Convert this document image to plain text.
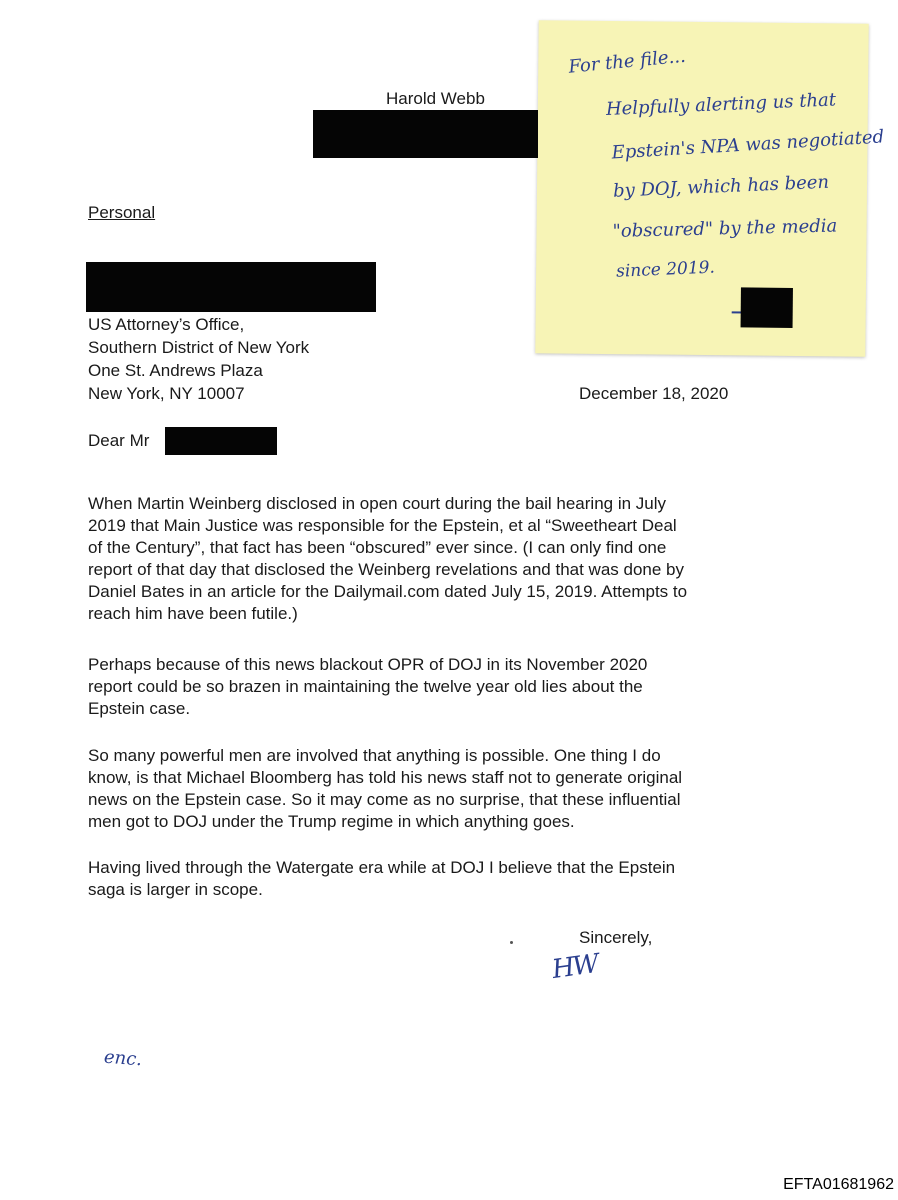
For the file...
Helpfully alerting us that
Epstein's NPA was negotiated
by DOJ, which has been
"obscured" by the media
since 2019.
Harold Webb
Personal
US Attorney’s Office,
Southern District of New York
One St. Andrews Plaza
New York, NY 10007	December 18, 2020
Dear Mr
When Martin Weinberg disclosed in open court during the bail hearing in July
2019 that Main Justice was responsible for the Epstein, et al “Sweetheart Deal
of the Century”, that fact has been “obscured” ever since. (I can only find one
report of that day that disclosed the Weinberg revelations and that was done by
Daniel Bates in an article for the Dailymail.com dated July 15, 2019. Attempts to
reach him have been futile.)
Perhaps because of this news blackout OPR of DOJ in its November 2020
report could be so brazen in maintaining the twelve year old lies about the
Epstein case.
So many powerful men are involved that anything is possible. One thing I do
know, is that Michael Bloomberg has told his news staff not to generate original
news on the Epstein case. So it may come as no surprise, that these influential
men got to DOJ under the Trump regime in which anything goes.
Having lived through the Watergate era while at DOJ I believe that the Epstein
saga is larger in scope.
Sincerely,
HW
enc.
EFTA01681962
